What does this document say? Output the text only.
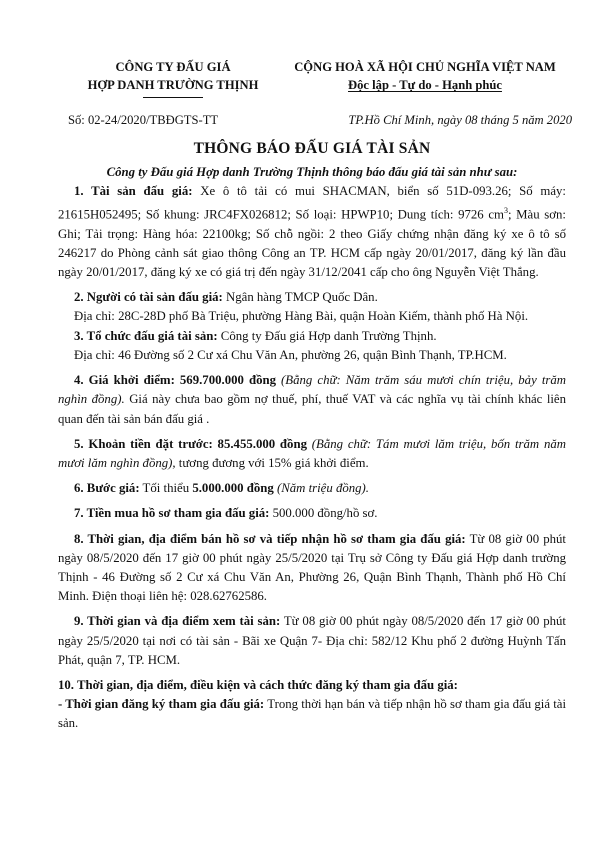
CÔNG TY ĐẤU GIÁ
HỢP DANH TRƯỜNG THỊNH
CỘNG HOÀ XÃ HỘI CHỦ NGHĨA VIỆT NAM
Độc lập - Tự do - Hạnh phúc
Số: 02-24/2020/TBĐGTS-TT	TP.Hồ Chí Minh, ngày 08 tháng 5 năm 2020
THÔNG BÁO ĐẤU GIÁ TÀI SẢN
Công ty Đấu giá Hợp danh Trường Thịnh thông báo đấu giá tài sản như sau:

1. Tài sản đấu giá: Xe ô tô tải có mui SHACMAN, biển số 51D-093.26; Số máy: 21615H052495; Số khung: JRC4FX026812; Số loại: HPWP10; Dung tích: 9726 $cm^3$; Màu sơn: Ghi; Tải trọng: Hàng hóa: 22100kg; Số chỗ ngồi: 2 theo Giấy chứng nhận đăng ký xe ô tô số 246217 do Phòng cảnh sát giao thông Công an TP. HCM cấp ngày 20/01/2017, đăng ký lần đầu ngày 20/01/2017, đăng ký xe có giá trị đến ngày 31/12/2041 cấp cho ông Nguyễn Việt Thắng.

2. Người có tài sản đấu giá: Ngân hàng TMCP Quốc Dân.

Địa chỉ: 28C-28D phố Bà Triệu, phường Hàng Bài, quận Hoàn Kiếm, thành phố Hà Nội.

3. Tổ chức đấu giá tài sản: Công ty Đấu giá Hợp danh Trường Thịnh.

Địa chỉ: 46 Đường số 2 Cư xá Chu Văn An, phường 26, quận Bình Thạnh, TP.HCM.

4. Giá khởi điểm: 569.700.000 đồng (Bằng chữ: Năm trăm sáu mươi chín triệu, bảy trăm nghìn đồng). Giá này chưa bao gồm nợ thuế, phí, thuế VAT và các nghĩa vụ tài chính khác liên quan đến tài sản bán đấu giá .

5. Khoản tiền đặt trước: 85.455.000 đồng (Bằng chữ: Tám mươi lăm triệu, bốn trăm năm mươi lăm nghìn đồng), tương đương với 15% giá khởi điểm.

6. Bước giá: Tối thiểu 5.000.000 đồng (Năm triệu đồng).

7. Tiền mua hồ sơ tham gia đấu giá: 500.000 đồng/hồ sơ.

8. Thời gian, địa điểm bán hồ sơ và tiếp nhận hồ sơ tham gia đấu giá: Từ 08 giờ 00 phút ngày 08/5/2020 đến 17 giờ 00 phút ngày 25/5/2020 tại Trụ sở Công ty Đấu giá Hợp danh trường Thịnh - 46 Đường số 2 Cư xá Chu Văn An, Phường 26, Quận Bình Thạnh, Thành phố Hồ Chí Minh. Điện thoại liên hệ: 028.62762586.

9. Thời gian và địa điểm xem tài sản: Từ 08 giờ 00 phút ngày 08/5/2020 đến 17 giờ 00 phút ngày 25/5/2020 tại nơi có tài sản - Bãi xe Quận 7- Địa chỉ: 582/12 Khu phố 2 đường Huỳnh Tấn Phát, quận 7, TP. HCM.

10. Thời gian, địa điểm, điều kiện và cách thức đăng ký tham gia đấu giá:

- Thời gian đăng ký tham gia đấu giá: Trong thời hạn bán và tiếp nhận hồ sơ tham gia đấu giá tài sản.
